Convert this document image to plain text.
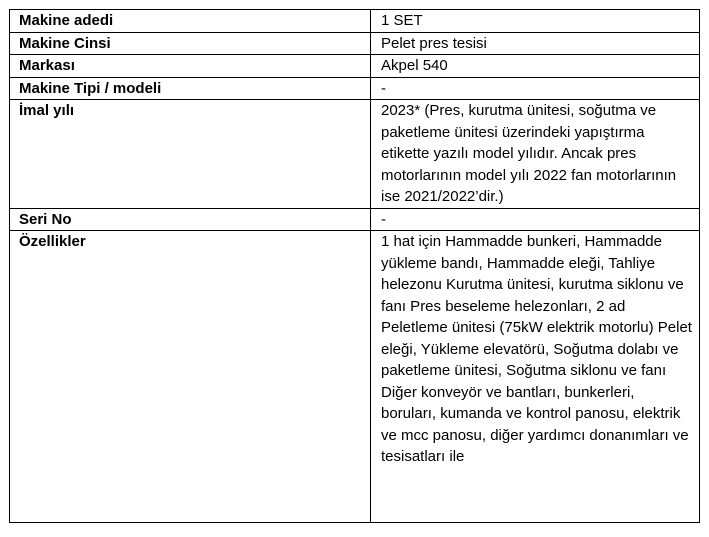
Makine adedi	1 SET
Makine Cinsi	Pelet pres tesisi
Markası	Akpel 540
Makine Tipi / modeli	-
İmal yılı	2023* (Pres, kurutma ünitesi, soğutma ve paketleme ünitesi üzerindeki yapıştırma etikette yazılı model yılıdır. Ancak pres motorlarının model yılı 2022 fan motorlarının ise 2021/2022’dir.)
Seri No	-
Özellikler	1 hat için Hammadde bunkeri, Hammadde yükleme bandı, Hammadde eleği, Tahliye helezonu Kurutma ünitesi, kurutma siklonu ve fanı Pres beseleme helezonları, 2 ad Peletleme ünitesi (75kW elektrik motorlu) Pelet eleği, Yükleme elevatörü, Soğutma dolabı ve paketleme ünitesi, Soğutma siklonu ve fanı Diğer konveyör ve bantları, bunkerleri, boruları, kumanda ve kontrol panosu, elektrik ve mcc panosu, diğer yardımcı donanımları ve tesisatları ile
